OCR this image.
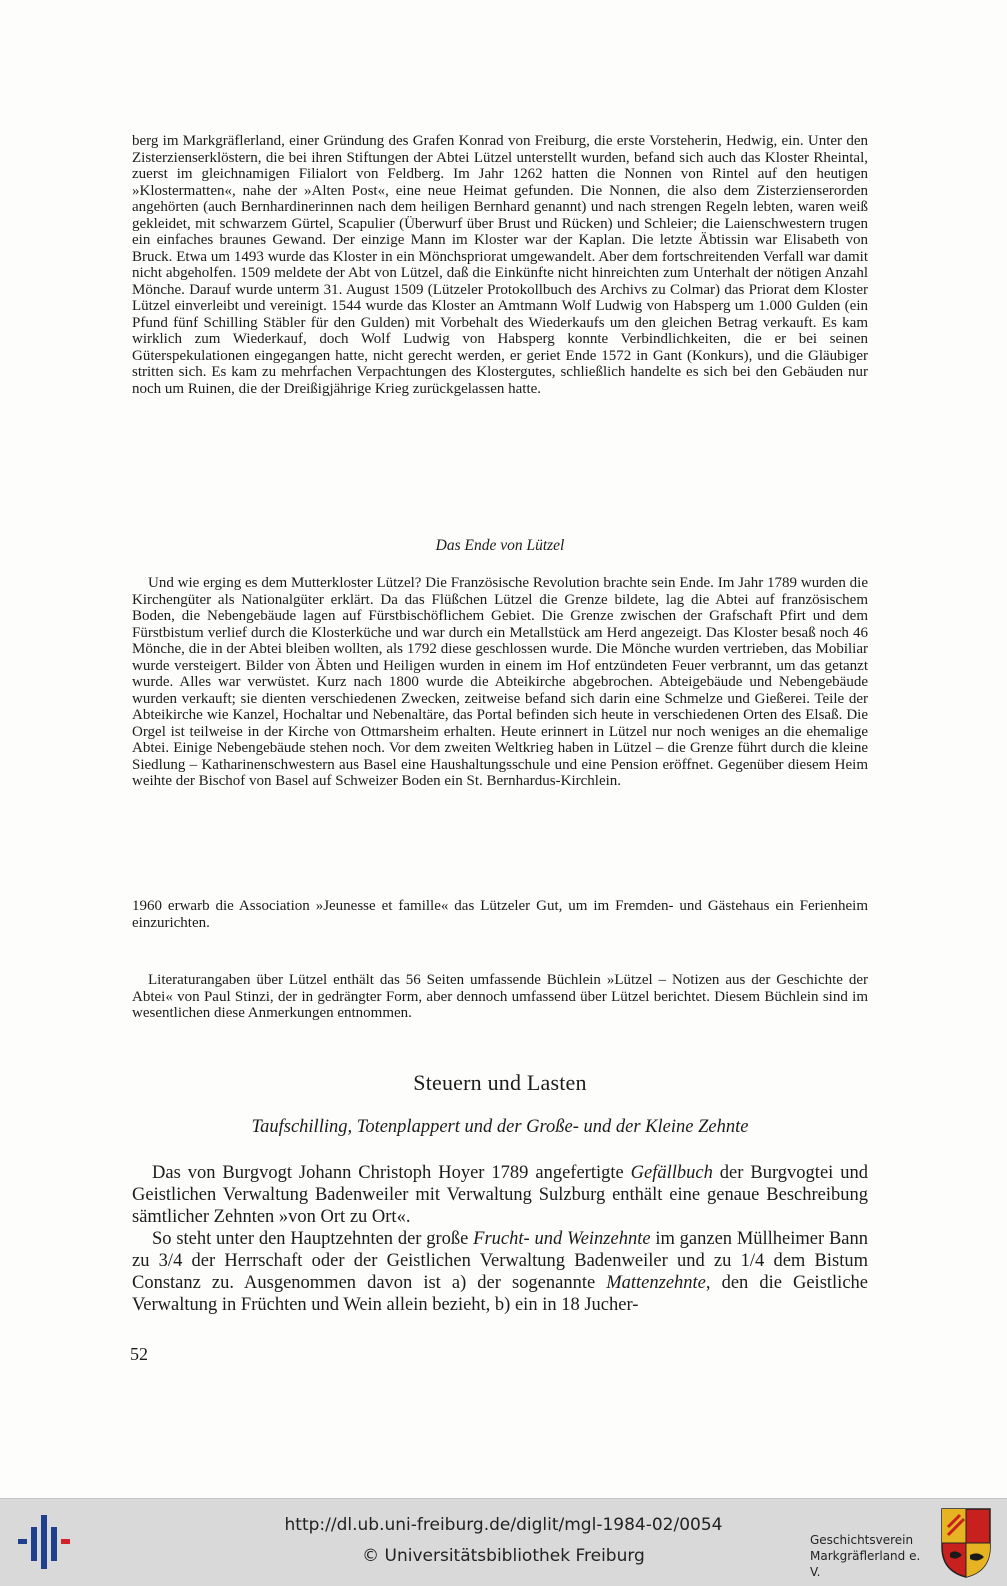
berg im Markgräflerland, einer Gründung des Grafen Konrad von Freiburg, die erste Vorsteherin, Hedwig, ein. Unter den Zisterzienserklöstern, die bei ihren Stiftungen der Abtei Lützel unterstellt wurden, befand sich auch das Kloster Rheintal, zuerst im gleichnamigen Filialort von Feldberg. Im Jahr 1262 hatten die Nonnen von Rintel auf den heutigen »Klostermatten«, nahe der »Alten Post«, eine neue Heimat gefunden. Die Nonnen, die also dem Zisterzienserorden angehörten (auch Bernhardinerinnen nach dem heiligen Bernhard genannt) und nach strengen Regeln lebten, waren weiß gekleidet, mit schwarzem Gürtel, Scapulier (Überwurf über Brust und Rücken) und Schleier; die Laienschwestern trugen ein einfaches braunes Gewand. Der einzige Mann im Kloster war der Kaplan. Die letzte Äbtissin war Elisabeth von Bruck. Etwa um 1493 wurde das Kloster in ein Mönchspriorat umgewandelt. Aber dem fortschreitenden Verfall war damit nicht abgeholfen. 1509 meldete der Abt von Lützel, daß die Einkünfte nicht hinreichten zum Unterhalt der nötigen Anzahl Mönche. Darauf wurde unterm 31. August 1509 (Lützeler Protokollbuch des Archivs zu Colmar) das Priorat dem Kloster Lützel einverleibt und vereinigt. 1544 wurde das Kloster an Amtmann Wolf Ludwig von Habsperg um 1.000 Gulden (ein Pfund fünf Schilling Stäbler für den Gulden) mit Vorbehalt des Wiederkaufs um den gleichen Betrag verkauft. Es kam wirklich zum Wiederkauf, doch Wolf Ludwig von Habsperg konnte Verbindlichkeiten, die er bei seinen Güterspekulationen eingegangen hatte, nicht gerecht werden, er geriet Ende 1572 in Gant (Konkurs), und die Gläubiger stritten sich. Es kam zu mehrfachen Verpachtungen des Klostergutes, schließlich handelte es sich bei den Gebäuden nur noch um Ruinen, die der Dreißigjährige Krieg zurückgelassen hatte.

Das Ende von Lützel

Und wie erging es dem Mutterkloster Lützel? Die Französische Revolution brachte sein Ende. Im Jahr 1789 wurden die Kirchengüter als Nationalgüter erklärt. Da das Flüßchen Lützel die Grenze bildete, lag die Abtei auf französischem Boden, die Nebengebäude lagen auf Fürstbischöflichem Gebiet. Die Grenze zwischen der Grafschaft Pfirt und dem Fürstbistum verlief durch die Klosterküche und war durch ein Metallstück am Herd angezeigt. Das Kloster besaß noch 46 Mönche, die in der Abtei bleiben wollten, als 1792 diese geschlossen wurde. Die Mönche wurden vertrieben, das Mobiliar wurde versteigert. Bilder von Äbten und Heiligen wurden in einem im Hof entzündeten Feuer verbrannt, um das getanzt wurde. Alles war verwüstet. Kurz nach 1800 wurde die Abteikirche abgebrochen. Abteigebäude und Nebengebäude wurden verkauft; sie dienten verschiedenen Zwecken, zeitweise befand sich darin eine Schmelze und Gießerei. Teile der Abteikirche wie Kanzel, Hochaltar und Nebenaltäre, das Portal befinden sich heute in verschiedenen Orten des Elsaß. Die Orgel ist teilweise in der Kirche von Ottmarsheim erhalten. Heute erinnert in Lützel nur noch weniges an die ehemalige Abtei. Einige Nebengebäude stehen noch. Vor dem zweiten Weltkrieg haben in Lützel – die Grenze führt durch die kleine Siedlung – Katharinenschwestern aus Basel eine Haushaltungsschule und eine Pension eröffnet. Gegenüber diesem Heim weihte der Bischof von Basel auf Schweizer Boden ein St. Bernhardus-Kirchlein.

1960 erwarb die Association »Jeunesse et famille« das Lützeler Gut, um im Fremden- und Gästehaus ein Ferienheim einzurichten.

Literaturangaben über Lützel enthält das 56 Seiten umfassende Büchlein »Lützel – Notizen aus der Geschichte der Abtei« von Paul Stinzi, der in gedrängter Form, aber dennoch umfassend über Lützel berichtet. Diesem Büchlein sind im wesentlichen diese Anmerkungen entnommen.

Steuern und Lasten

Taufschilling, Totenplappert und der Große- und der Kleine Zehnte

Das von Burgvogt Johann Christoph Hoyer 1789 angefertigte Gefällbuch der Burgvogtei und Geistlichen Verwaltung Badenweiler mit Verwaltung Sulzburg enthält eine genaue Beschreibung sämtlicher Zehnten »von Ort zu Ort«.

So steht unter den Hauptzehnten der große Frucht- und Weinzehnte im ganzen Müllheimer Bann zu 3/4 der Herrschaft oder der Geistlichen Verwaltung Badenweiler und zu 1/4 dem Bistum Constanz zu. Ausgenommen davon ist a) der sogenannte Mattenzehnte, den die Geistliche Verwaltung in Früchten und Wein allein bezieht, b) ein in 18 Jucher-

52

http://dl.ub.uni-freiburg.de/diglit/mgl-1984-02/0054

© Universitätsbibliothek Freiburg

Geschichtsverein
Markgräflerland e. V.
